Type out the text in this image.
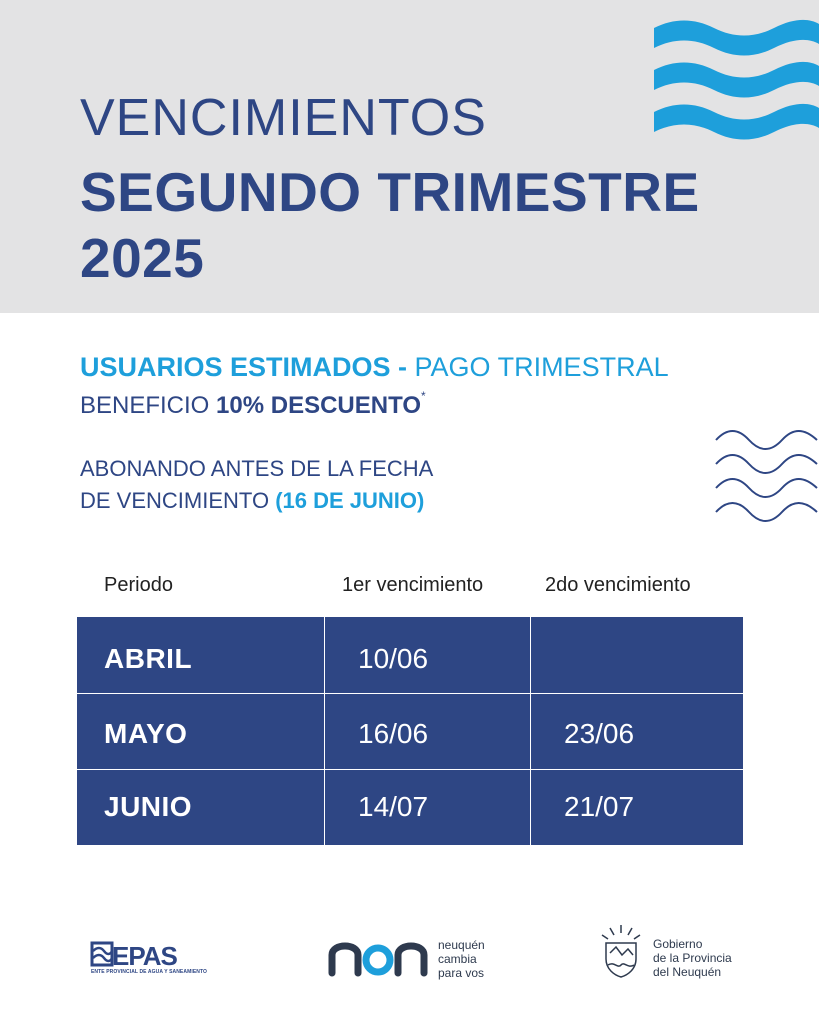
VENCIMIENTOS
SEGUNDO TRIMESTRE
2025
USUARIOS ESTIMADOS - PAGO TRIMESTRAL
BENEFICIO 10% DESCUENTO*
ABONANDO ANTES DE LA FECHA
DE VENCIMIENTO (16 DE JUNIO)
Periodo	1er vencimiento	2do vencimiento
ABRIL	10/06
MAYO	16/06	23/06
JUNIO	14/07	21/07
EPAS
ENTE PROVINCIAL DE AGUA Y SANEAMIENTO
neuquén
cambia
para vos
Gobierno
de la Provincia
del Neuquén
